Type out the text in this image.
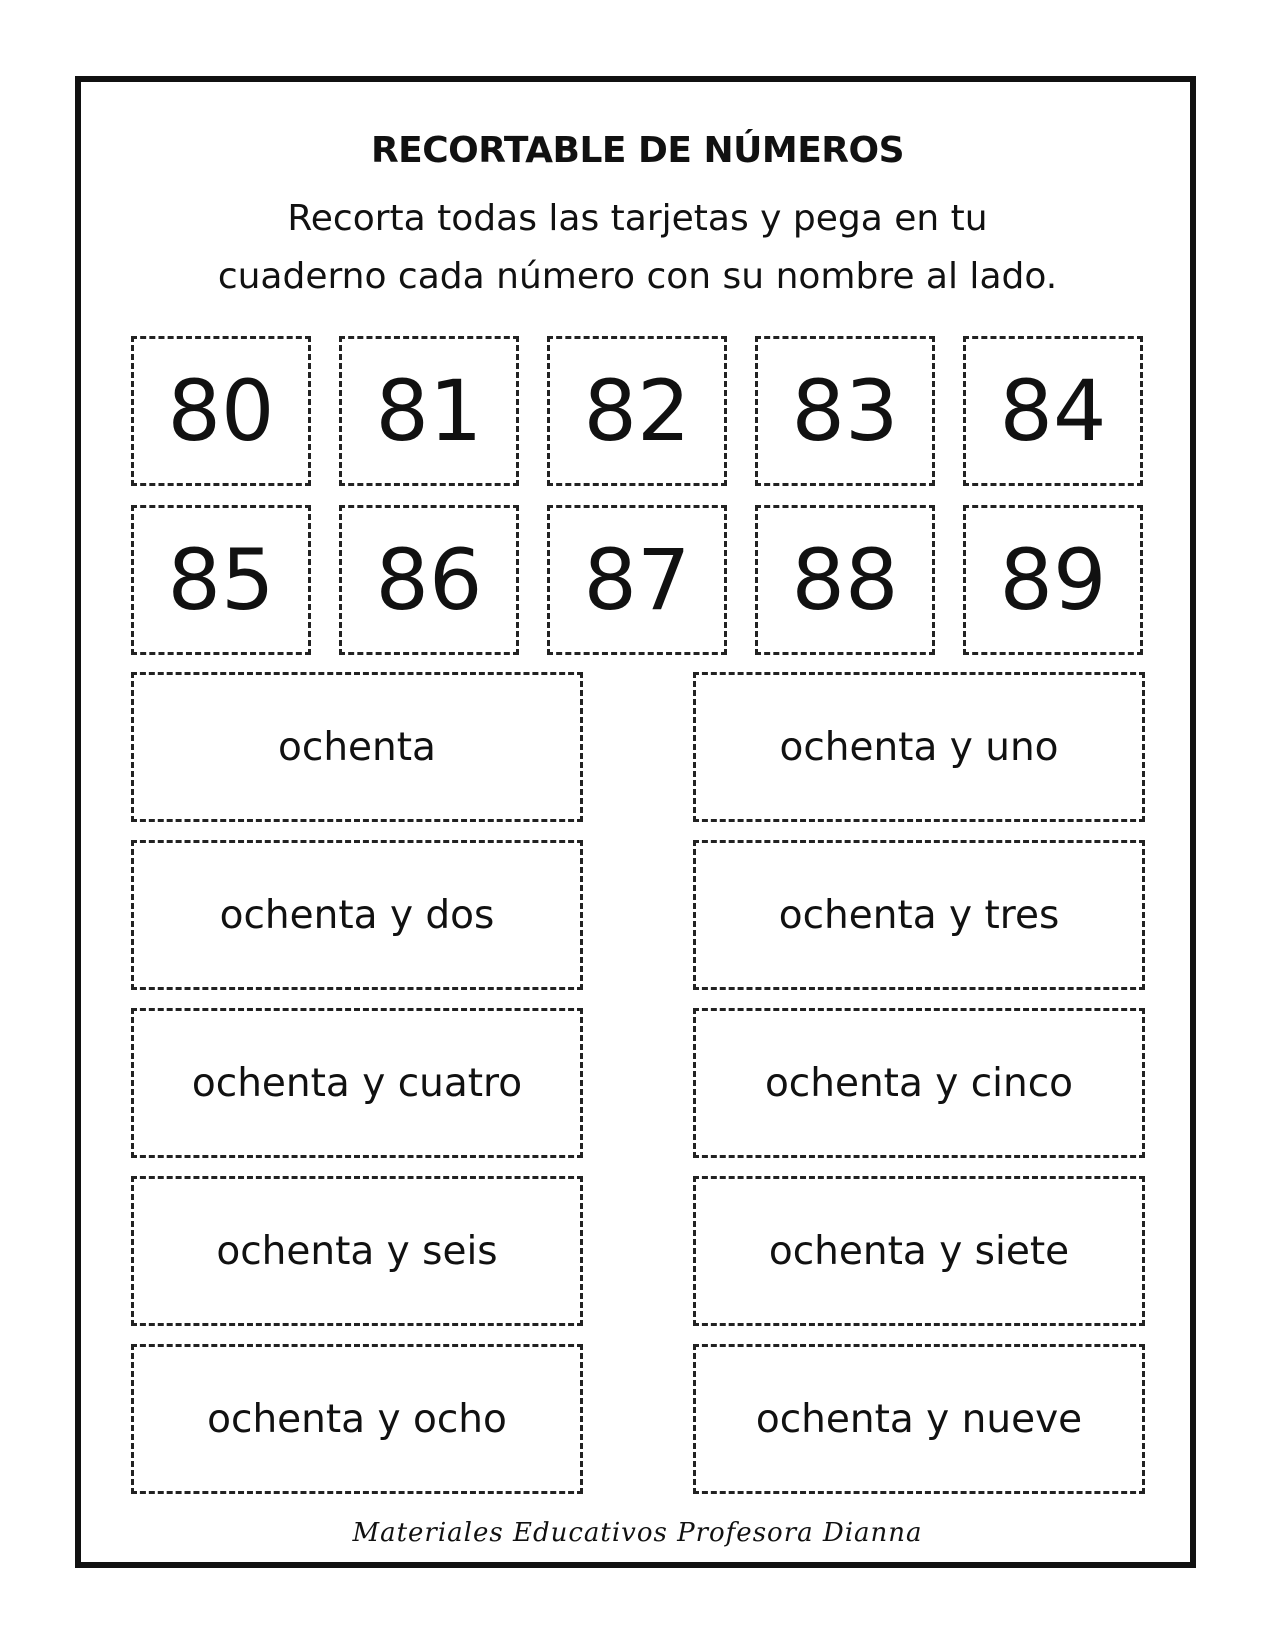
RECORTABLE DE NÚMEROS
Recorta todas las tarjetas y pega en tu
cuaderno cada número con su nombre al lado.
80	81	82	83	84
85	86	87	88	89
ochenta	ochenta y uno
ochenta y dos	ochenta y tres
ochenta y cuatro	ochenta y cinco
ochenta y seis	ochenta y siete
ochenta y ocho	ochenta y nueve
Materiales Educativos Profesora Dianna
